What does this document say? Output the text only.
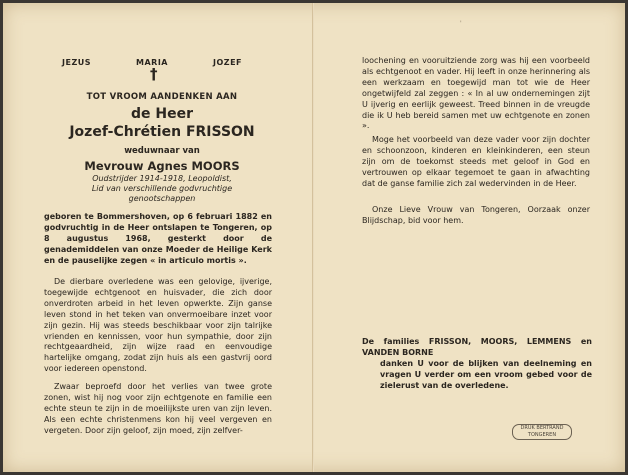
JEZUS	MARIA	JOZEF
†
TOT VROOM AANDENKEN AAN
de Heer
Jozef-Chrétien FRISSON
weduwnaar van
Mevrouw Agnes MOORS
Oudstrijder 1914-1918, Leopoldist,
Lid van verschillende godvruchtige
genootschappen
geboren te Bommershoven, op 6 februari 1882 en godvruchtig in de Heer ontslapen te Tongeren, op 8 augustus 1968, gesterkt door de genademiddelen van onze Moeder de Heilige Kerk en de pauselijke zegen « in articulo mortis ».
De dierbare overledene was een gelovige, ijverige, toegewijde echtgenoot en huisvader, die zich door onverdroten arbeid in het leven opwerkte. Zijn ganse leven stond in het teken van onvermoeibare inzet voor zijn gezin. Hij was steeds beschikbaar voor zijn talrijke vrienden en kennissen, voor hun sympathie, door zijn rechtgeaardheid, zijn wijze raad en eenvoudige hartelijke omgang, zodat zijn huis als een gastvrij oord voor iedereen openstond.
Zwaar beproefd door het verlies van twee grote zonen, wist hij nog voor zijn echtgenote en familie een echte steun te zijn in de moeilijkste uren van zijn leven. Als een echte christenmens kon hij veel vergeven en vergeten. Door zijn geloof, zijn moed, zijn zelfver-
'
loochening en vooruitziende zorg was hij een voorbeeld als echtgenoot en vader. Hij leeft in onze herinnering als een werkzaam en toegewijd man tot wie de Heer ongetwijfeld zal zeggen : « In al uw ondernemingen zijt U ijverig en eerlijk geweest. Treed binnen in de vreugde die ik U heb bereid samen met uw echtgenote en zonen ».
Moge het voorbeeld van deze vader voor zijn dochter en schoonzoon, kinderen en kleinkinderen, een steun zijn om de toekomst steeds met geloof in God en vertrouwen op elkaar tegemoet te gaan in afwachting dat de ganse familie zich zal wedervinden in de Heer.
Onze Lieve Vrouw van Tongeren, Oorzaak onzer Blijdschap, bid voor hem.
De families FRISSON, MOORS, LEMMENS en VANDEN BORNE
danken U voor de blijken van deelneming en vragen U verder om een vroom gebed voor de zielerust van de overledene.
DRUK BERTRAND
TONGEREN
